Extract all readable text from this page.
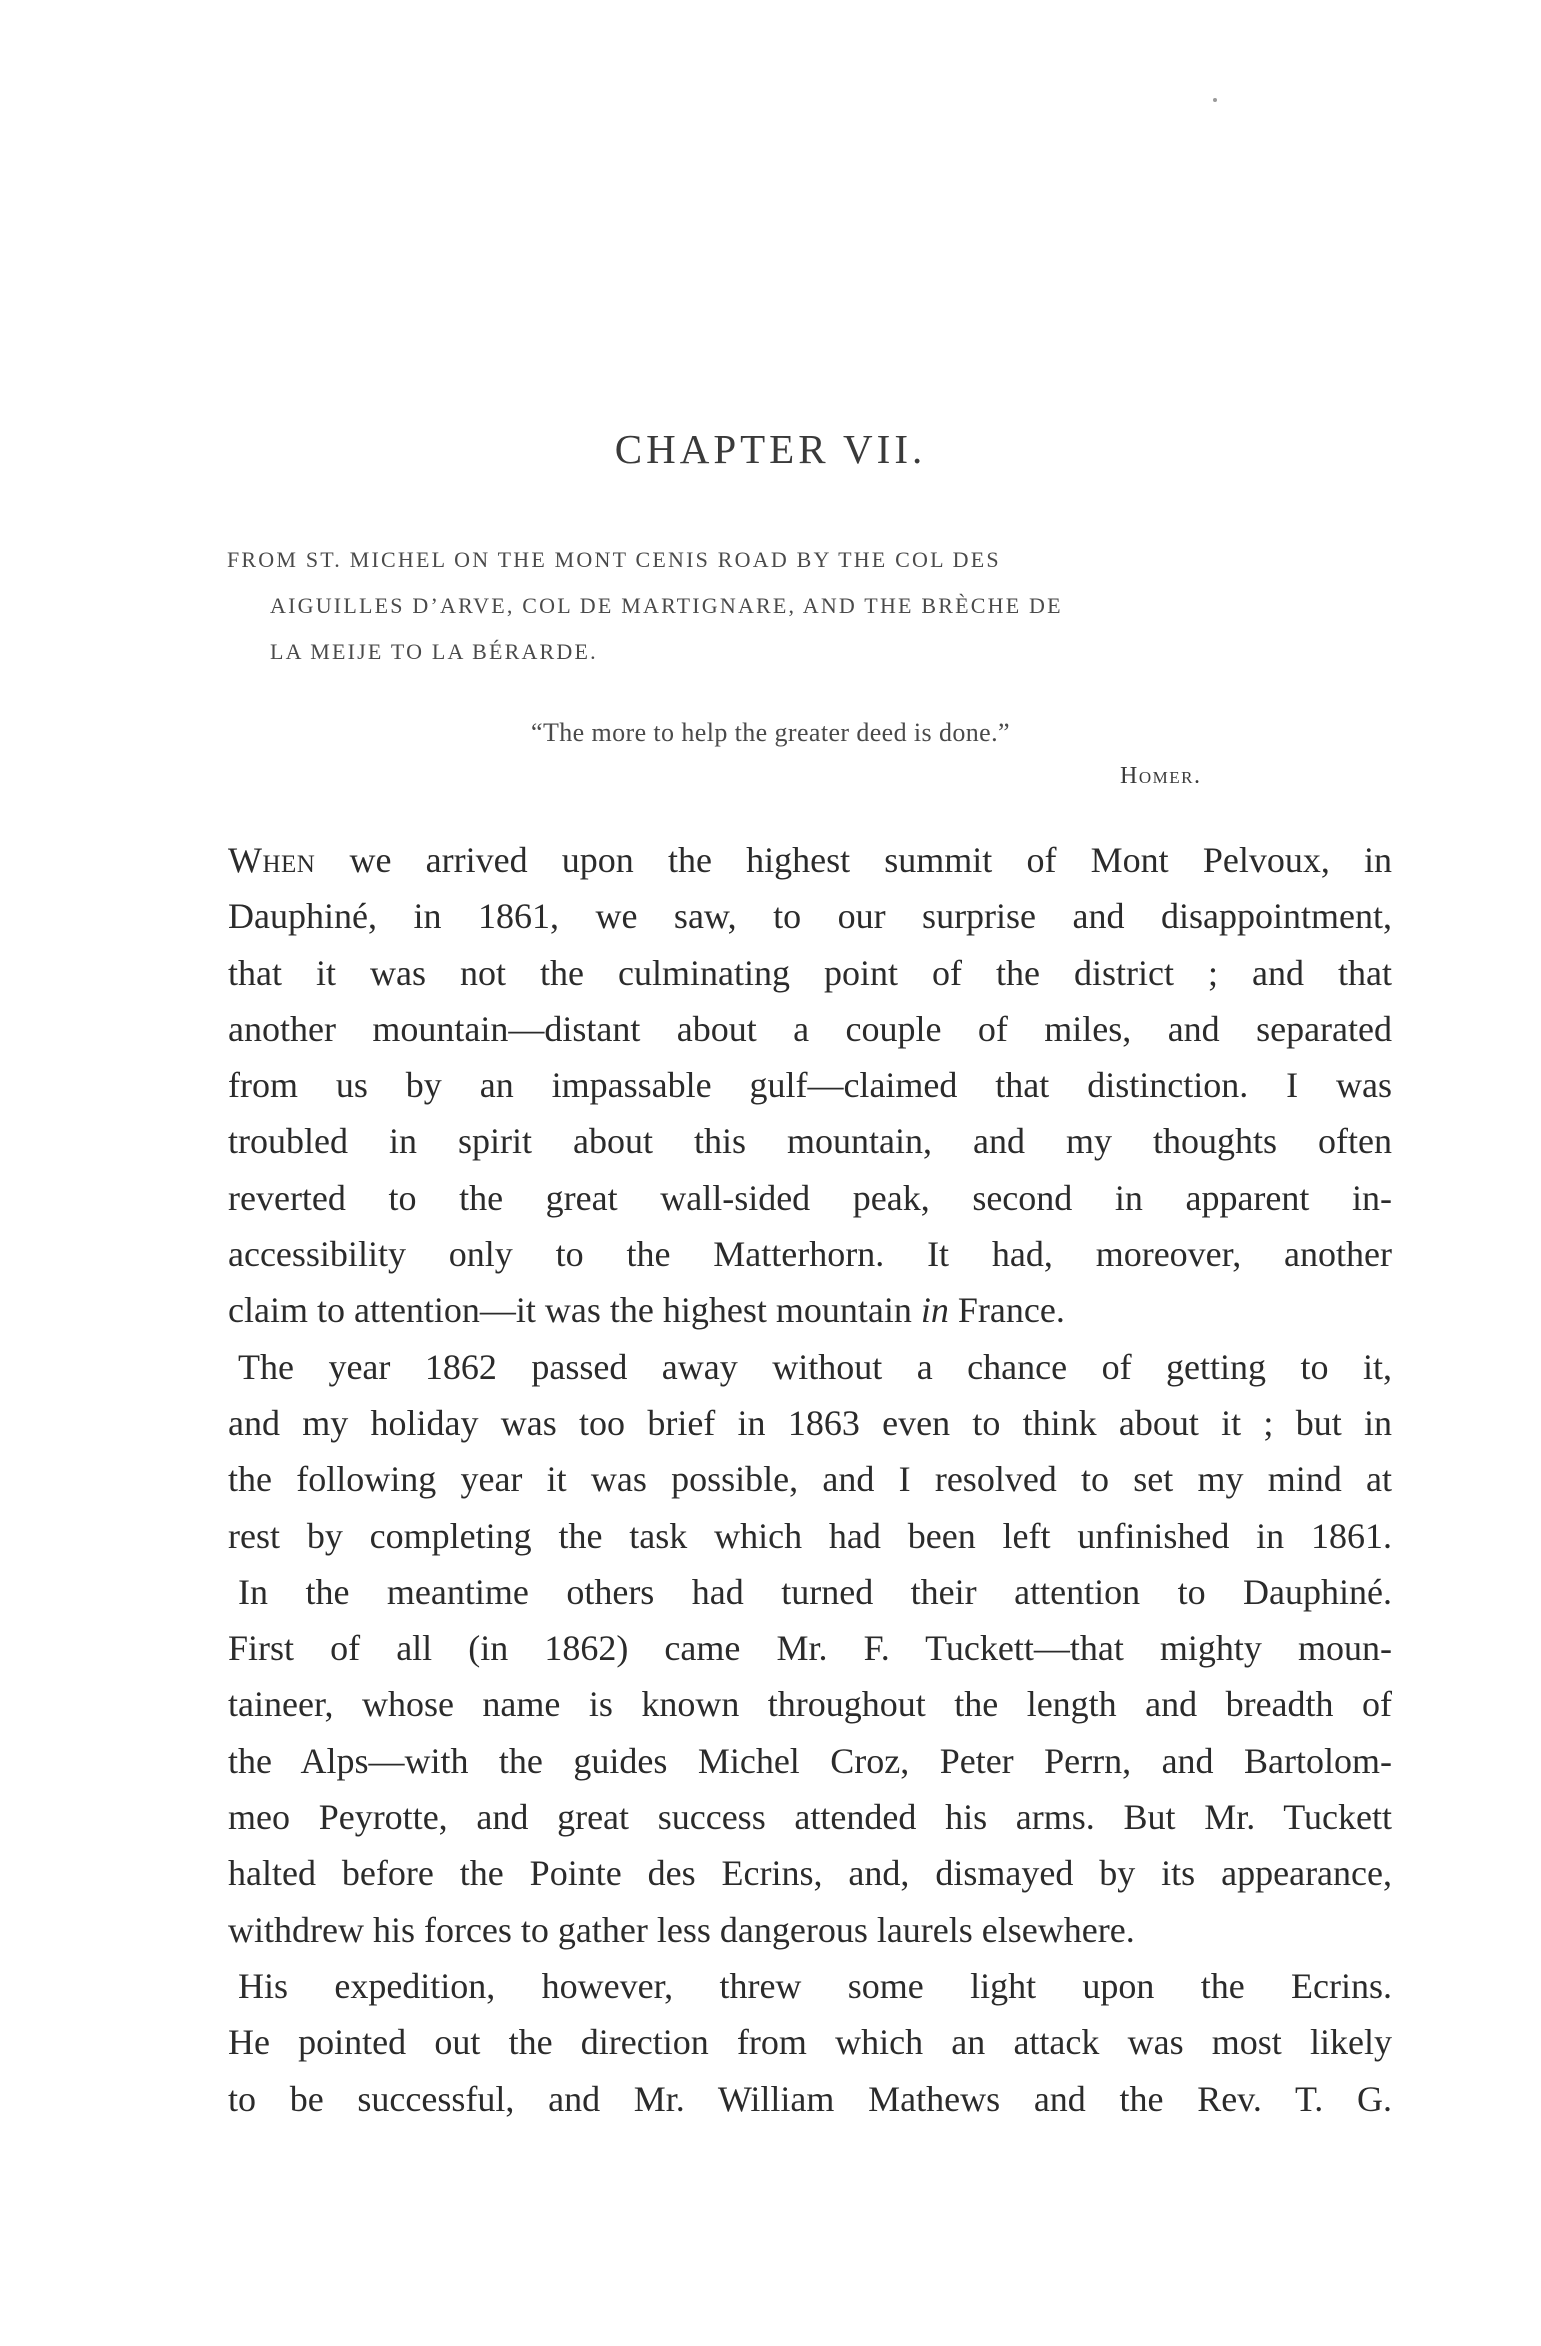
CHAPTER VII.
FROM ST. MICHEL ON THE MONT CENIS ROAD BY THE COL DES
AIGUILLES D’ARVE, COL DE MARTIGNARE, AND THE BRÈCHE DE
LA MEIJE TO LA BÉRARDE.

“The more to help the greater deed is done.”

Homer.

When we arrived upon the highest summit of Mont Pelvoux, in
Dauphiné, in 1861, we saw, to our surprise and disappointment,
that it was not the culminating point of the district ; and that
another mountain—distant about a couple of miles, and separated
from us by an impassable gulf—claimed that distinction. I was
troubled in spirit about this mountain, and my thoughts often
reverted to the great wall-sided peak, second in apparent in-
accessibility only to the Matterhorn. It had, moreover, another
claim to attention—it was the highest mountain in France.

The year 1862 passed away without a chance of getting to it,
and my holiday was too brief in 1863 even to think about it ; but in
the following year it was possible, and I resolved to set my mind at
rest by completing the task which had been left unfinished in 1861.

In the meantime others had turned their attention to Dauphiné.
First of all (in 1862) came Mr. F. Tuckett—that mighty moun-
taineer, whose name is known throughout the length and breadth of
the Alps—with the guides Michel Croz, Peter Perrn, and Bartolom-
meo Peyrotte, and great success attended his arms. But Mr. Tuckett
halted before the Pointe des Ecrins, and, dismayed by its appearance,
withdrew his forces to gather less dangerous laurels elsewhere.

His expedition, however, threw some light upon the Ecrins.
He pointed out the direction from which an attack was most likely
to be successful, and Mr. William Mathews and the Rev. T. G.
